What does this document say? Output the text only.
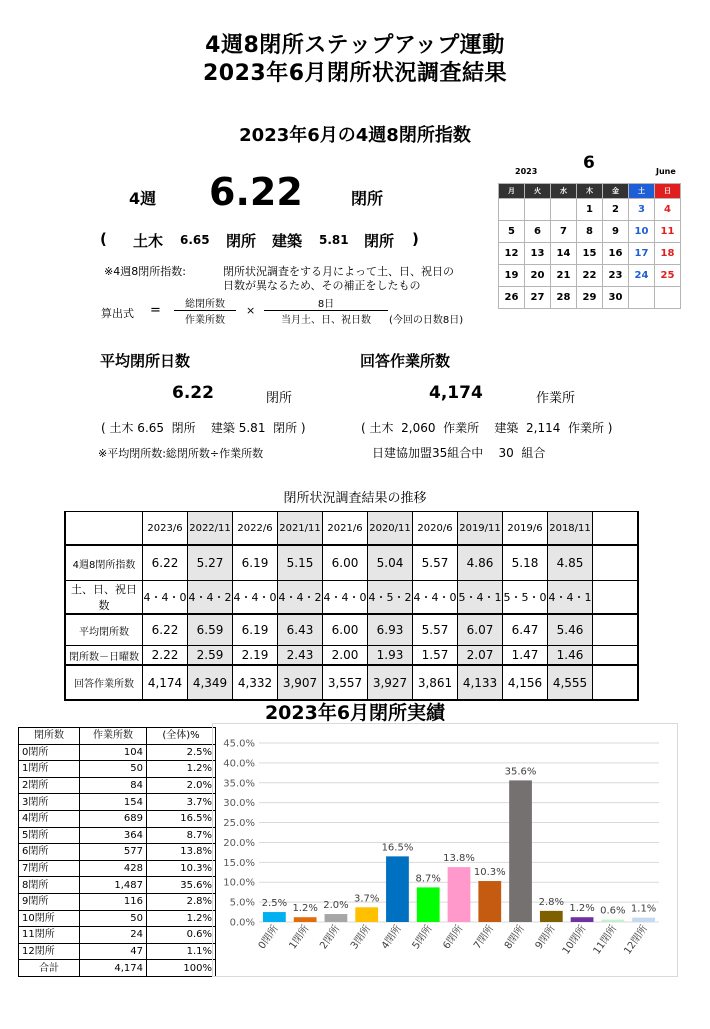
4週8閉所ステップアップ運動
2023年6月閉所状況調査結果
2023年6月の4週8閉所指数
4週 6.22	閉所
( 土木 6.65 閉所 建築 5.81 閉所 )
※4週8閉所指数:	閉所状況調査をする月によって土、日、祝日の
日数が異なるため、その補正をしたもの
算出式 =	総閉所数
作業所数
×	8日
当月土、日、祝日数	(今回の日数8日)
2023	6	June
月	火	水	木	金	土	日
			1	2	3	4
5	6	7	8	9	10	11
12	13	14	15	16	17	18
19	20	21	22	23	24	25
26	27	28	29	30		
平均閉所日数
6.22	閉所
( 土木 6.65  閉所    建築 5.81  閉所 )
※平均閉所数:総閉所数÷作業所数
回答作業所数
4,174	作業所
( 土木  2,060  作業所    建築  2,114  作業所 )
日建協加盟35組合中    30  組合
閉所状況調査結果の推移
	2023/6	2022/11	2022/6	2021/11	2021/6	2020/11	2020/6	2019/11	2019/6	2018/11	
4週8閉所指数	6.22	5.27	6.19	5.15	6.00	5.04	5.57	4.86	5.18	4.85	
土、日、祝日数	4・4・0	4・4・2	4・4・0	4・4・2	4・4・0	4・5・2	4・4・0	5・4・1	5・5・0	4・4・1	
平均閉所数	6.22	6.59	6.19	6.43	6.00	6.93	5.57	6.07	6.47	5.46	
閉所数－日曜数	2.22	2.59	2.19	2.43	2.00	1.93	1.57	2.07	1.47	1.46	
回答作業所数	4,174	4,349	4,332	3,907	3,557	3,927	3,861	4,133	4,156	4,555	
2023年6月閉所実績
閉所数	作業所数	(全体)%
0閉所	104	2.5%
1閉所	50	1.2%
2閉所	84	2.0%
3閉所	154	3.7%
4閉所	689	16.5%
5閉所	364	8.7%
6閉所	577	13.8%
7閉所	428	10.3%
8閉所	1,487	35.6%
9閉所	116	2.8%
10閉所	50	1.2%
11閉所	24	0.6%
12閉所	47	1.1%
合計	4,174	100%
0.0%
5.0%
10.0%
15.0%
20.0%
25.0%
30.0%
35.0%
40.0%
45.0%
2.5%
0閉所
1.2%
1閉所
2.0%
2閉所
3.7%
3閉所
16.5%
4閉所
8.7%
5閉所
13.8%
6閉所
10.3%
7閉所
35.6%
8閉所
2.8%
9閉所
1.2%
10閉所
0.6%
11閉所
1.1%
12閉所
